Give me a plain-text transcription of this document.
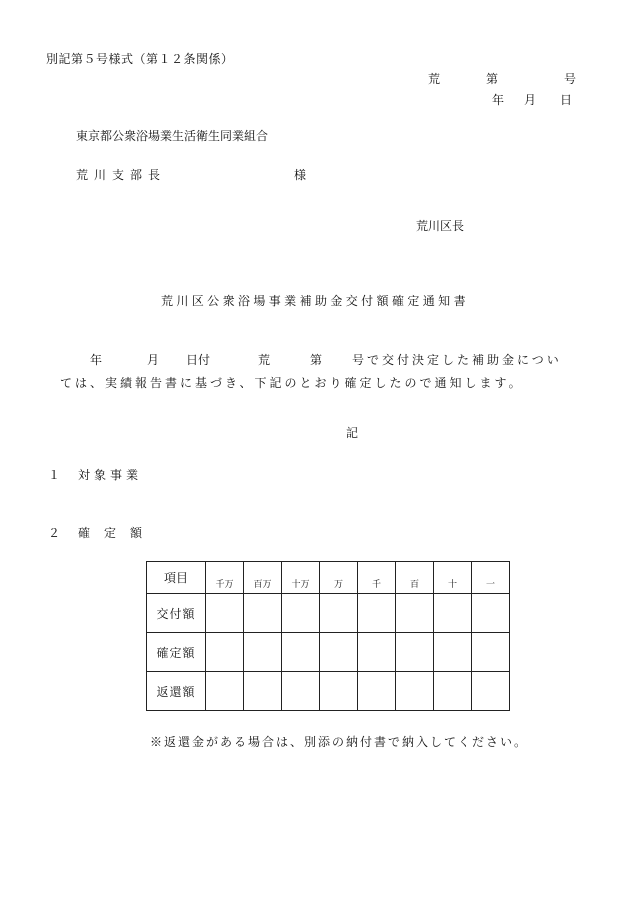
別記第５号様式（第１２条関係）
荒	第	号
年 月 日
東京都公衆浴場業生活衛生同業組合
荒川支部長	様
荒川区長
荒川区公衆浴場事業補助金交付額確定通知書
年	月 日付	荒	第 号で交付決定した補助金につい
ては、実績報告書に基づき、下記のとおり確定したので通知します。
記
１ 対象事業
２ 確定額
項目	千万	百万	十万	万	千	百	十	一
交付額								
確定額								
返還額								
※返還金がある場合は、別添の納付書で納入してください。
